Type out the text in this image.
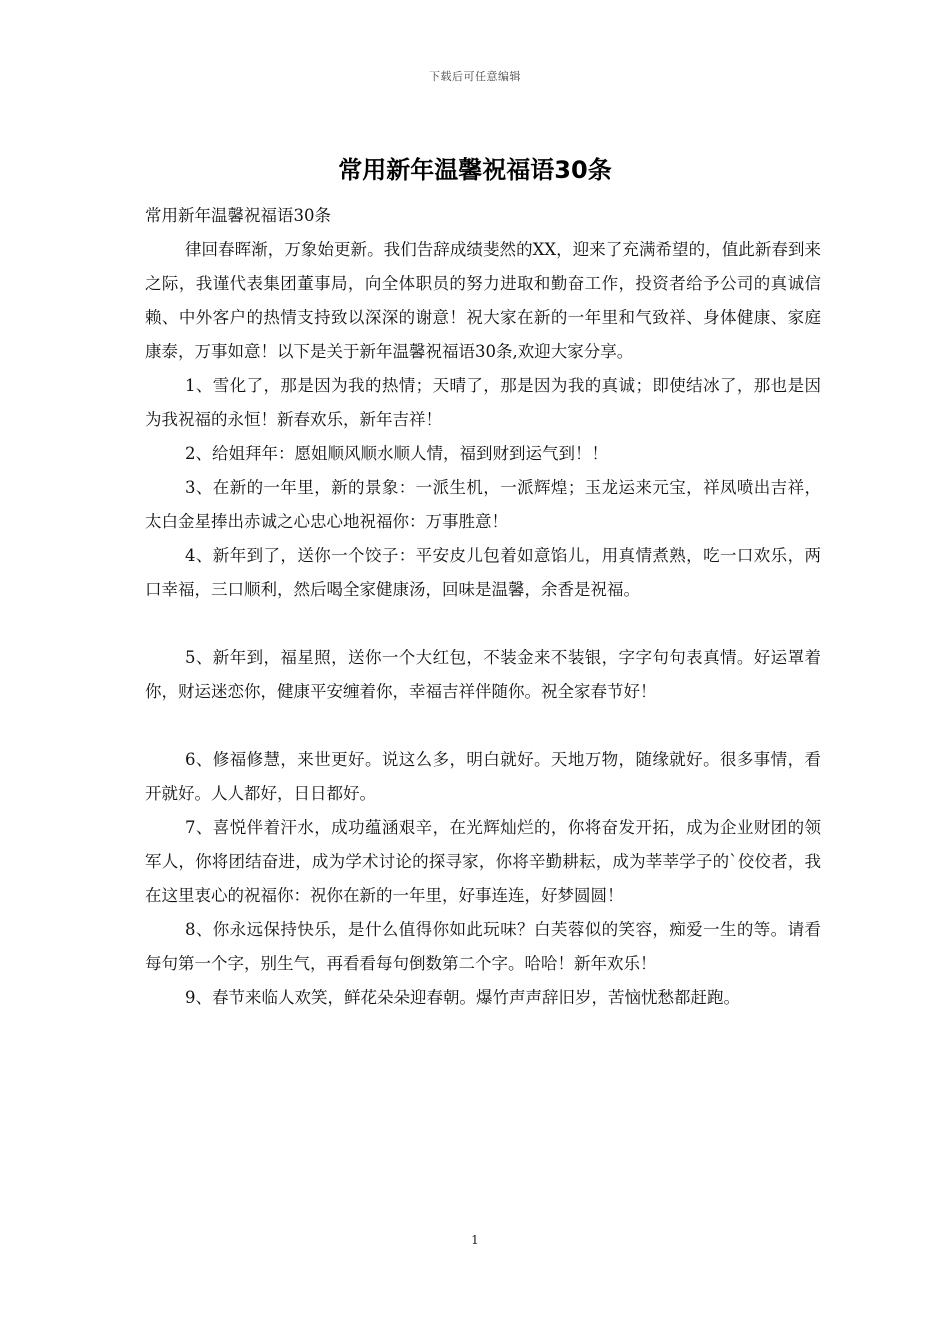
下载后可任意编辑
常用新年温馨祝福语30条

常用新年温馨祝福语30条

律回春晖渐，万象始更新。我们告辞成绩斐然的XX，迎来了充满希望的，值此新春到来之际，我谨代表集团董事局，向全体职员的努力进取和勤奋工作，投资者给予公司的真诚信赖、中外客户的热情支持致以深深的谢意！祝大家在新的一年里和气致祥、身体健康、家庭康泰，万事如意！以下是关于新年温馨祝福语30条,欢迎大家分享。

1、雪化了，那是因为我的热情；天晴了，那是因为我的真诚；即使结冰了，那也是因为我祝福的永恒！新春欢乐，新年吉祥！

2、给姐拜年：愿姐顺风顺水顺人情，福到财到运气到！！

3、在新的一年里，新的景象：一派生机，一派辉煌；玉龙运来元宝，祥凤喷出吉祥，太白金星捧出赤诚之心忠心地祝福你：万事胜意！

4、新年到了，送你一个饺子：平安皮儿包着如意馅儿，用真情煮熟，吃一口欢乐，两口幸福，三口顺利，然后喝全家健康汤，回味是温馨，余香是祝福。

5、新年到，福星照，送你一个大红包，不装金来不装银，字字句句表真情。好运罩着你，财运迷恋你，健康平安缠着你，幸福吉祥伴随你。祝全家春节好！

6、修福修慧，来世更好。说这么多，明白就好。天地万物，随缘就好。很多事情，看开就好。人人都好，日日都好。

7、喜悦伴着汗水，成功蕴涵艰辛，在光辉灿烂的，你将奋发开拓，成为企业财团的领军人，你将团结奋进，成为学术讨论的探寻家，你将辛勤耕耘，成为莘莘学子的`佼佼者，我在这里衷心的祝福你：祝你在新的一年里，好事连连，好梦圆圆！

8、你永远保持快乐，是什么值得你如此玩味？白芙蓉似的笑容，痴爱一生的等。请看每句第一个字，别生气，再看看每句倒数第二个字。哈哈！新年欢乐！

9、春节来临人欢笑，鲜花朵朵迎春朝。爆竹声声辞旧岁，苦恼忧愁都赶跑。

1
